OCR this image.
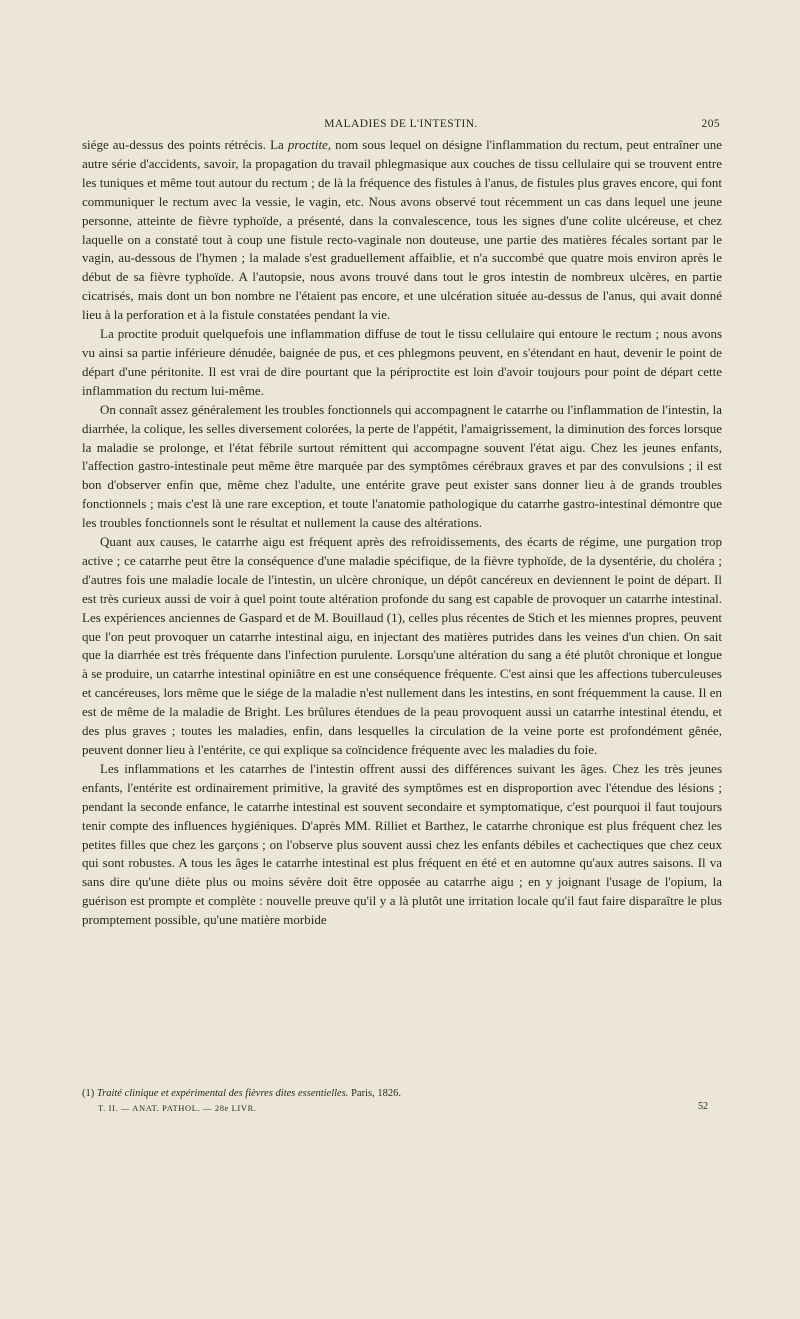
MALADIES DE L'INTESTIN.	205

siége au-dessus des points rétrécis. La proctite, nom sous lequel on désigne l'inflammation du rectum, peut entraîner une autre série d'accidents, savoir, la propagation du travail phlegmasique aux couches de tissu cellulaire qui se trouvent entre les tuniques et même tout autour du rectum ; de là la fréquence des fistules à l'anus, de fistules plus graves encore, qui font communiquer le rectum avec la vessie, le vagin, etc. Nous avons observé tout récemment un cas dans lequel une jeune personne, atteinte de fièvre typhoïde, a présenté, dans la convalescence, tous les signes d'une colite ulcéreuse, et chez laquelle on a constaté tout à coup une fistule recto-vaginale non douteuse, une partie des matières fécales sortant par le vagin, au-dessous de l'hymen ; la malade s'est graduellement affaiblie, et n'a succombé que quatre mois environ après le début de sa fièvre typhoïde. A l'autopsie, nous avons trouvé dans tout le gros intestin de nombreux ulcères, en partie cicatrisés, mais dont un bon nombre ne l'étaient pas encore, et une ulcération située au-dessus de l'anus, qui avait donné lieu à la perforation et à la fistule constatées pendant la vie.

La proctite produit quelquefois une inflammation diffuse de tout le tissu cellulaire qui entoure le rectum ; nous avons vu ainsi sa partie inférieure dénudée, baignée de pus, et ces phlegmons peuvent, en s'étendant en haut, devenir le point de départ d'une péritonite. Il est vrai de dire pourtant que la périproctite est loin d'avoir toujours pour point de départ cette inflammation du rectum lui-même.

On connaît assez généralement les troubles fonctionnels qui accompagnent le catarrhe ou l'inflammation de l'intestin, la diarrhée, la colique, les selles diversement colorées, la perte de l'appétit, l'amaigrissement, la diminution des forces lorsque la maladie se prolonge, et l'état fébrile surtout rémittent qui accompagne souvent l'état aigu. Chez les jeunes enfants, l'affection gastro-intestinale peut même être marquée par des symptômes cérébraux graves et par des convulsions ; il est bon d'observer enfin que, même chez l'adulte, une entérite grave peut exister sans donner lieu à de grands troubles fonctionnels ; mais c'est là une rare exception, et toute l'anatomie pathologique du catarrhe gastro-intestinal démontre que les troubles fonctionnels sont le résultat et nullement la cause des altérations.

Quant aux causes, le catarrhe aigu est fréquent après des refroidissements, des écarts de régime, une purgation trop active ; ce catarrhe peut être la conséquence d'une maladie spécifique, de la fièvre typhoïde, de la dysentérie, du choléra ; d'autres fois une maladie locale de l'intestin, un ulcère chronique, un dépôt cancéreux en deviennent le point de départ. Il est très curieux aussi de voir à quel point toute altération profonde du sang est capable de provoquer un catarrhe intestinal. Les expériences anciennes de Gaspard et de M. Bouillaud (1), celles plus récentes de Stich et les miennes propres, peuvent que l'on peut provoquer un catarrhe intestinal aigu, en injectant des matières putrides dans les veines d'un chien. On sait que la diarrhée est très fréquente dans l'infection purulente. Lorsqu'une altération du sang a été plutôt chronique et longue à se produire, un catarrhe intestinal opiniâtre en est une conséquence fréquente. C'est ainsi que les affections tuberculeuses et cancéreuses, lors même que le siége de la maladie n'est nullement dans les intestins, en sont fréquemment la cause. Il en est de même de la maladie de Bright. Les brûlures étendues de la peau provoquent aussi un catarrhe intestinal étendu, et des plus graves ; toutes les maladies, enfin, dans lesquelles la circulation de la veine porte est profondément gênée, peuvent donner lieu à l'entérite, ce qui explique sa coïncidence fréquente avec les maladies du foie.

Les inflammations et les catarrhes de l'intestin offrent aussi des différences suivant les âges. Chez les très jeunes enfants, l'entérite est ordinairement primitive, la gravité des symptômes est en disproportion avec l'étendue des lésions ; pendant la seconde enfance, le catarrhe intestinal est souvent secondaire et symptomatique, c'est pourquoi il faut toujours tenir compte des influences hygiéniques. D'après MM. Rilliet et Barthez, le catarrhe chronique est plus fréquent chez les petites filles que chez les garçons ; on l'observe plus souvent aussi chez les enfants débiles et cachectiques que chez ceux qui sont robustes. A tous les âges le catarrhe intestinal est plus fréquent en été et en automne qu'aux autres saisons. Il va sans dire qu'une diète plus ou moins sévère doit être opposée au catarrhe aigu ; en y joignant l'usage de l'opium, la guérison est prompte et complète : nouvelle preuve qu'il y a là plutôt une irritation locale qu'il faut faire disparaître le plus promptement possible, qu'une matière morbide

(1) Traité clinique et expérimental des fièvres dites essentielles. Paris, 1826.
T. II. — ANAT. PATHOL. — 28e LIVR.	52
